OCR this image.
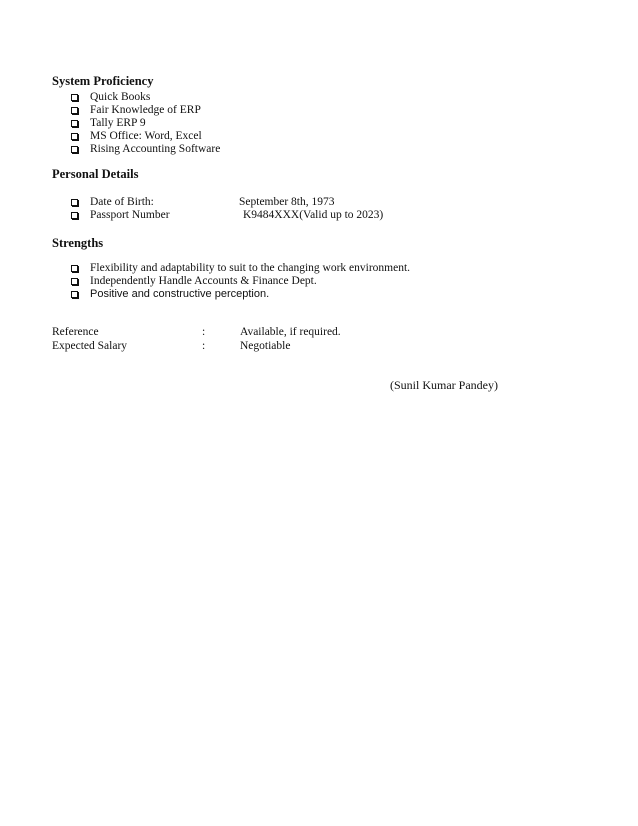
System Proficiency
Quick Books
Fair Knowledge of ERP
Tally ERP 9
MS Office: Word, Excel
Rising Accounting Software
Personal Details
Date of Birth:	September 8th, 1973
Passport Number	K9484XXX(Valid up to 2023)
Strengths
Flexibility and adaptability to suit to the changing work environment.
Independently Handle Accounts & Finance Dept.
Positive and constructive perception.
Reference	:	Available, if required.
Expected Salary	:	Negotiable
(Sunil Kumar Pandey)
